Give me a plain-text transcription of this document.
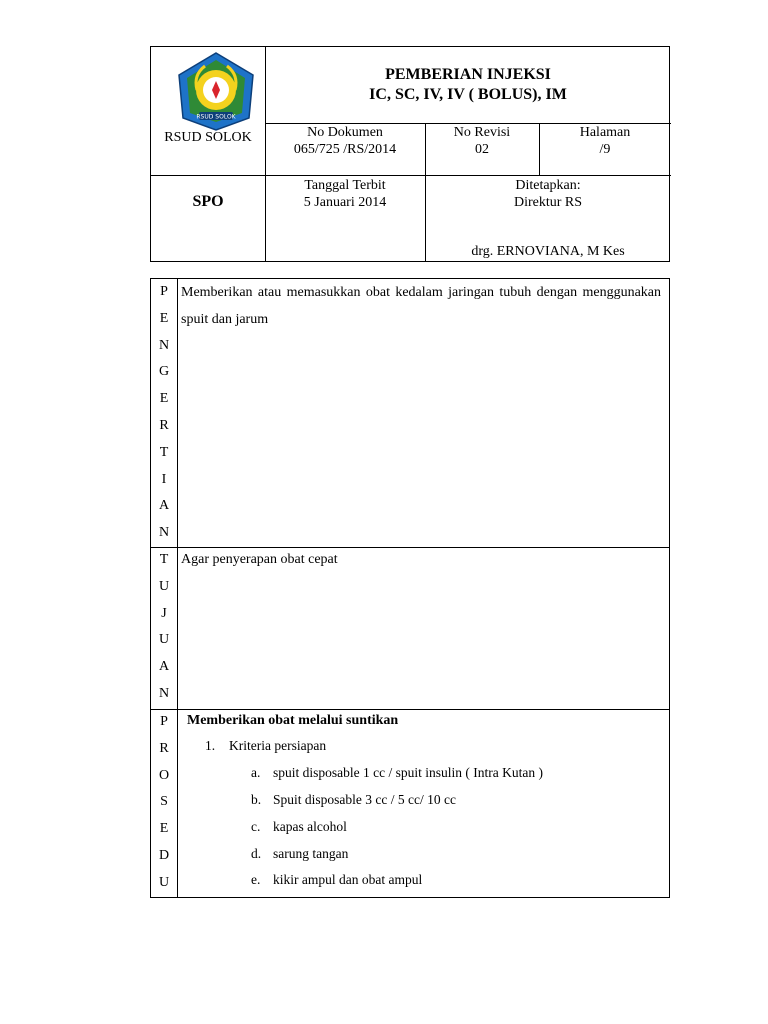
RSUD SOLOK
RSUD SOLOK
PEMBERIAN INJEKSI
IC, SC, IV, IV ( BOLUS), IM
No Dokumen
065/725 /RS/2014
No Revisi
02
Halaman
/9
SPO
Tanggal Terbit
5 Januari 2014
Ditetapkan:
Direktur RS
drg. ERNOVIANA, M Kes
P
E
N
G
E
R
T
I
A
N
Memberikan atau memasukkan obat kedalam jaringan tubuh dengan menggunakan spuit dan jarum
T
U
J
U
A
N
Agar penyerapan obat cepat
P
R
O
S
E
D
U
Memberikan obat melalui suntikan
1. Kriteria persiapan
a. spuit disposable 1 cc / spuit insulin ( Intra Kutan )
b. Spuit disposable 3 cc / 5 cc/ 10 cc
c. kapas alcohol
d. sarung tangan
e. kikir ampul dan obat ampul
